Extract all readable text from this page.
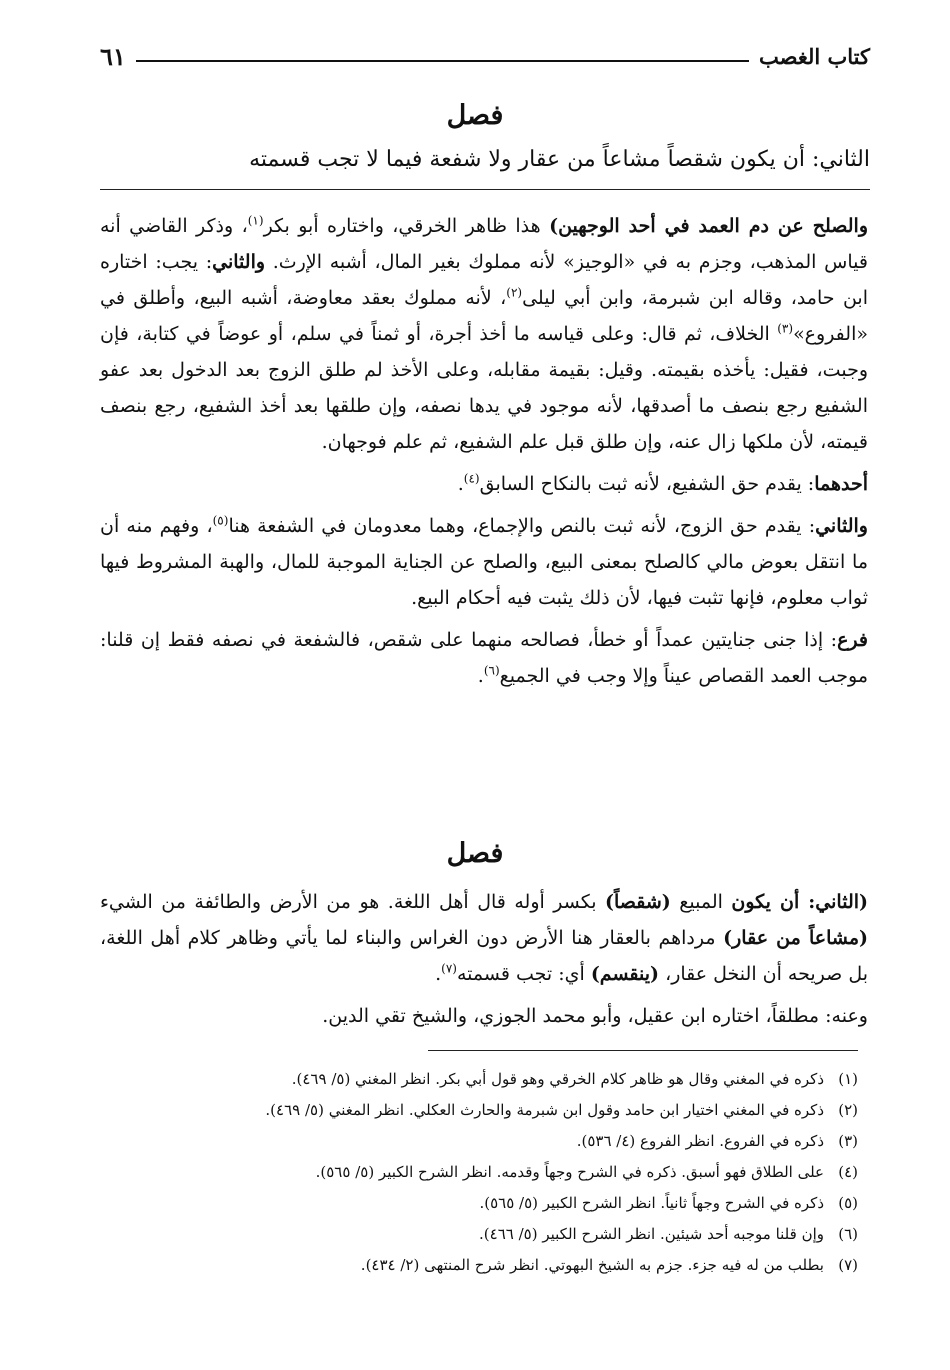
كتاب الغصب
٦١
فصل
الثاني: أن يكون شقصاً مشاعاً من عقار ولا شفعة فيما لا تجب قسمته

والصلح عن دم العمد في أحد الوجهين) هذا ظاهر الخرقي، واختاره أبو بكر$^{(١)}$، وذكر القاضي أنه قياس المذهب، وجزم به في «الوجيز» لأنه مملوك بغير المال، أشبه الإرث. والثاني: يجب: اختاره ابن حامد، وقاله ابن شبرمة، وابن أبي ليلى$^{(٢)}$، لأنه مملوك بعقد معاوضة، أشبه البيع، وأطلق في «الفروع»$^{(٣)}$ الخلاف، ثم قال: وعلى قياسه ما أخذ أجرة، أو ثمناً في سلم، أو عوضاً في كتابة، فإن وجبت، فقيل: يأخذه بقيمته. وقيل: بقيمة مقابله، وعلى الأخذ لم طلق الزوج بعد الدخول بعد عفو الشفيع رجع بنصف ما أصدقها، لأنه موجود في يدها نصفه، وإن طلقها بعد أخذ الشفيع، رجع بنصف قيمته، لأن ملكها زال عنه، وإن طلق قبل علم الشفيع، ثم علم فوجهان.

أحدهما: يقدم حق الشفيع، لأنه ثبت بالنكاح السابق$^{(٤)}$.

والثاني: يقدم حق الزوج، لأنه ثبت بالنص والإجماع، وهما معدومان في الشفعة هنا$^{(٥)}$، وفهم منه أن ما انتقل بعوض مالي كالصلح بمعنى البيع، والصلح عن الجناية الموجبة للمال، والهبة المشروط فيها ثواب معلوم، فإنها تثبت فيها، لأن ذلك يثبت فيه أحكام البيع.

فرع: إذا جنى جنايتين عمداً أو خطأ، فصالحه منهما على شقص، فالشفعة في نصفه فقط إن قلنا: موجب العمد القصاص عيناً وإلا وجب في الجميع$^{(٦)}$.

فصل

(الثاني: أن يكون المبيع (شقصاً) بكسر أوله قال أهل اللغة. هو من الأرض والطائفة من الشيء (مشاعاً من عقار) مرداهم بالعقار هنا الأرض دون الغراس والبناء لما يأتي وظاهر كلام أهل اللغة، بل صريحه أن النخل عقار، (ينقسم) أي: تجب قسمته$^{(٧)}$.

وعنه: مطلقاً، اختاره ابن عقيل، وأبو محمد الجوزي، والشيخ تقي الدين.

(١)ذكره في المغني وقال هو ظاهر كلام الخرقي وهو قول أبي بكر. انظر المغني (٥/ ٤٦٩).
(٢)ذكره في المغني اختيار ابن حامد وقول ابن شبرمة والحارث العكلي. انظر المغني (٥/ ٤٦٩).
(٣)ذكره في الفروع. انظر الفروع (٤/ ٥٣٦).
(٤)على الطلاق فهو أسبق. ذكره في الشرح وجهاً وقدمه. انظر الشرح الكبير (٥/ ٥٦٥).
(٥)ذكره في الشرح وجهاً ثانياً. انظر الشرح الكبير (٥/ ٥٦٥).
(٦)وإن قلنا موجبه أحد شيئين. انظر الشرح الكبير (٥/ ٤٦٦).
(٧)بطلب من له فيه جزء. جزم به الشيخ البهوتي. انظر شرح المنتهى (٢/ ٤٣٤).
